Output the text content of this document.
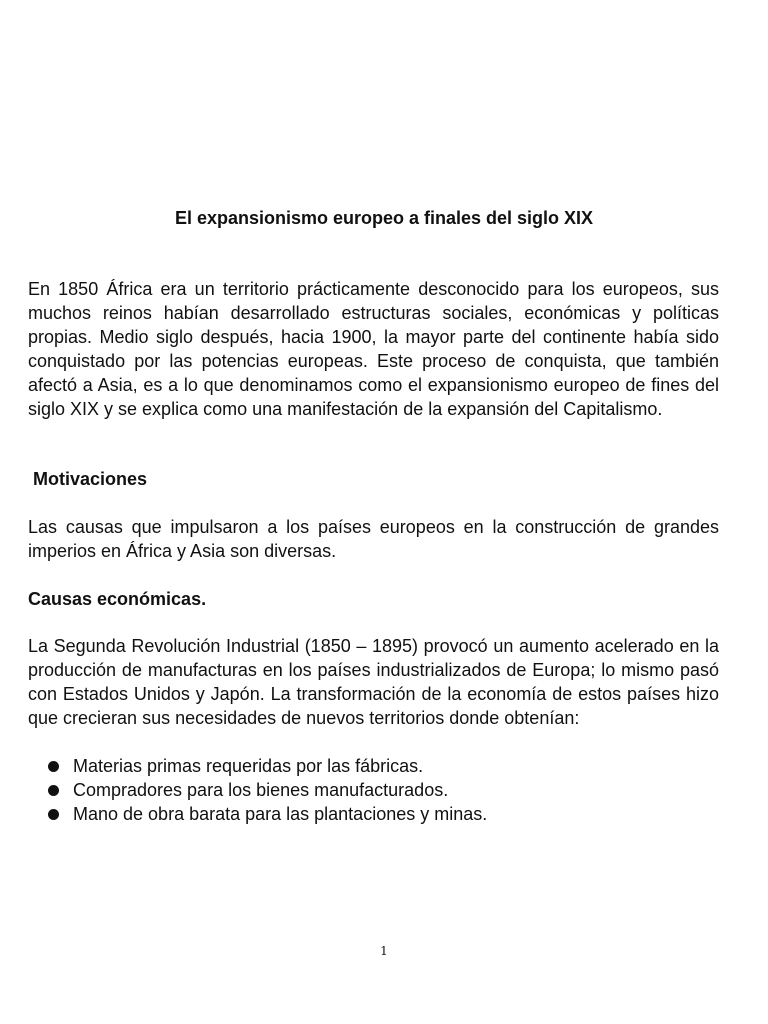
El expansionismo europeo a finales del siglo XIX

En 1850 África era un territorio prácticamente desconocido para los europeos, sus muchos reinos habían desarrollado estructuras sociales, económicas y políticas propias. Medio siglo después, hacia 1900, la mayor parte del continente había sido conquistado por las potencias europeas. Este proceso de conquista, que también afectó a Asia, es a lo que denominamos como el expansionismo europeo de fines del siglo XIX y se explica como una manifestación de la expansión del Capitalismo.

Motivaciones

Las causas que impulsaron a los países europeos en la construcción de grandes imperios en África y Asia son diversas.

Causas económicas.

La Segunda Revolución Industrial (1850 – 1895) provocó un aumento acelerado en la producción de manufacturas en los países industrializados de Europa; lo mismo pasó con Estados Unidos y Japón. La transformación de la economía de estos países hizo que crecieran sus necesidades de nuevos territorios donde obtenían:

Materias primas requeridas por las fábricas.
Compradores para los bienes manufacturados.
Mano de obra barata para las plantaciones y minas.
1
